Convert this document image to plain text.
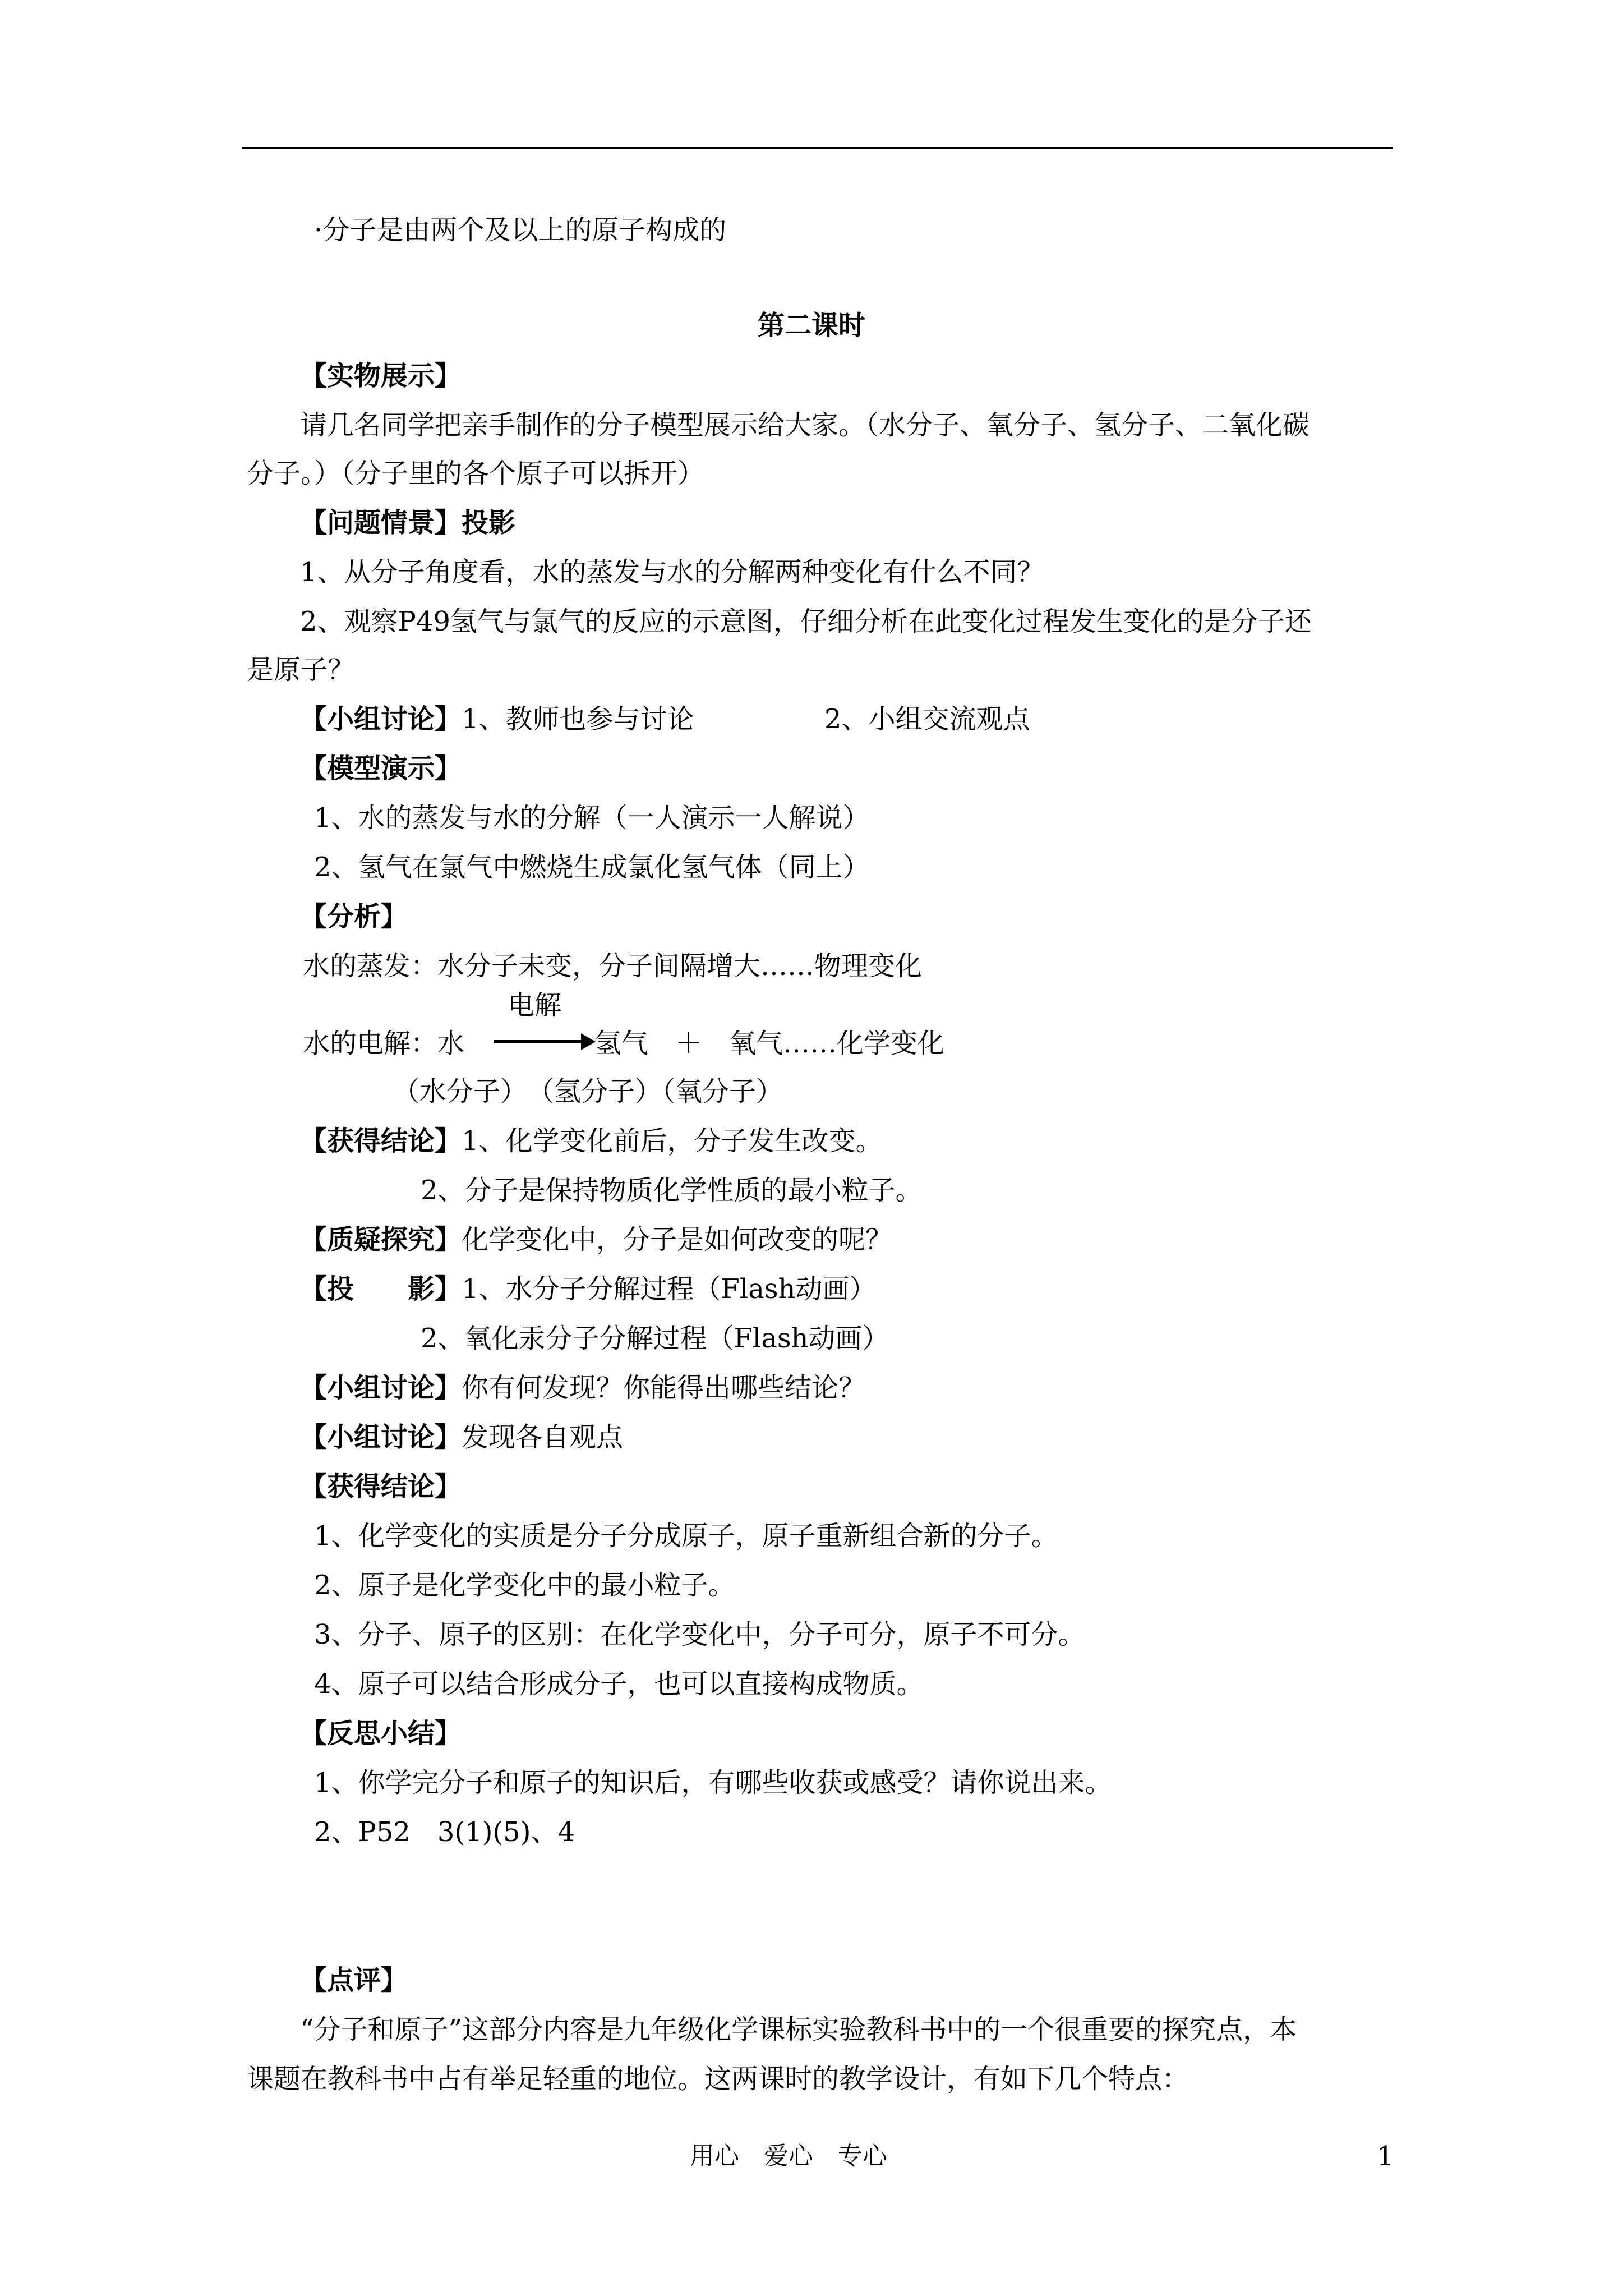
·分子是由两个及以上的原子构成的
第二课时
【实物展示】
请几名同学把亲手制作的分子模型展示给大家。（水分子、氧分子、氢分子、二氧化碳
分子。）（分子里的各个原子可以拆开）
【问题情景】投影
1、从分子角度看，水的蒸发与水的分解两种变化有什么不同？
2、观察P49氢气与氯气的反应的示意图，仔细分析在此变化过程发生变化的是分子还
是原子？
【小组讨论】1、教师也参与讨论	2、小组交流观点
【模型演示】
1、水的蒸发与水的分解（一人演示一人解说）
2、氢气在氯气中燃烧生成氯化氢气体（同上）
【分析】
水的蒸发：水分子未变，分子间隔增大……物理变化
电解
水的电解：水	氢气　＋　氧气……化学变化
（水分子）　（氢分子）（氧分子）
【获得结论】1、化学变化前后，分子发生改变。
2、分子是保持物质化学性质的最小粒子。
【质疑探究】化学变化中，分子是如何改变的呢？
【投　　影】1、水分子分解过程（Flash动画）
2、氧化汞分子分解过程（Flash动画）
【小组讨论】你有何发现？你能得出哪些结论？
【小组讨论】发现各自观点
【获得结论】
1、化学变化的实质是分子分成原子，原子重新组合新的分子。
2、原子是化学变化中的最小粒子。
3、分子、原子的区别：在化学变化中，分子可分，原子不可分。
4、原子可以结合形成分子，也可以直接构成物质。
【反思小结】
1、你学完分子和原子的知识后，有哪些收获或感受？请你说出来。
2、P52　3(1)(5)、4
【点评】
“分子和原子”这部分内容是九年级化学课标实验教科书中的一个很重要的探究点，本
课题在教科书中占有举足轻重的地位。这两课时的教学设计，有如下几个特点：
用心　爱心　专心	1
